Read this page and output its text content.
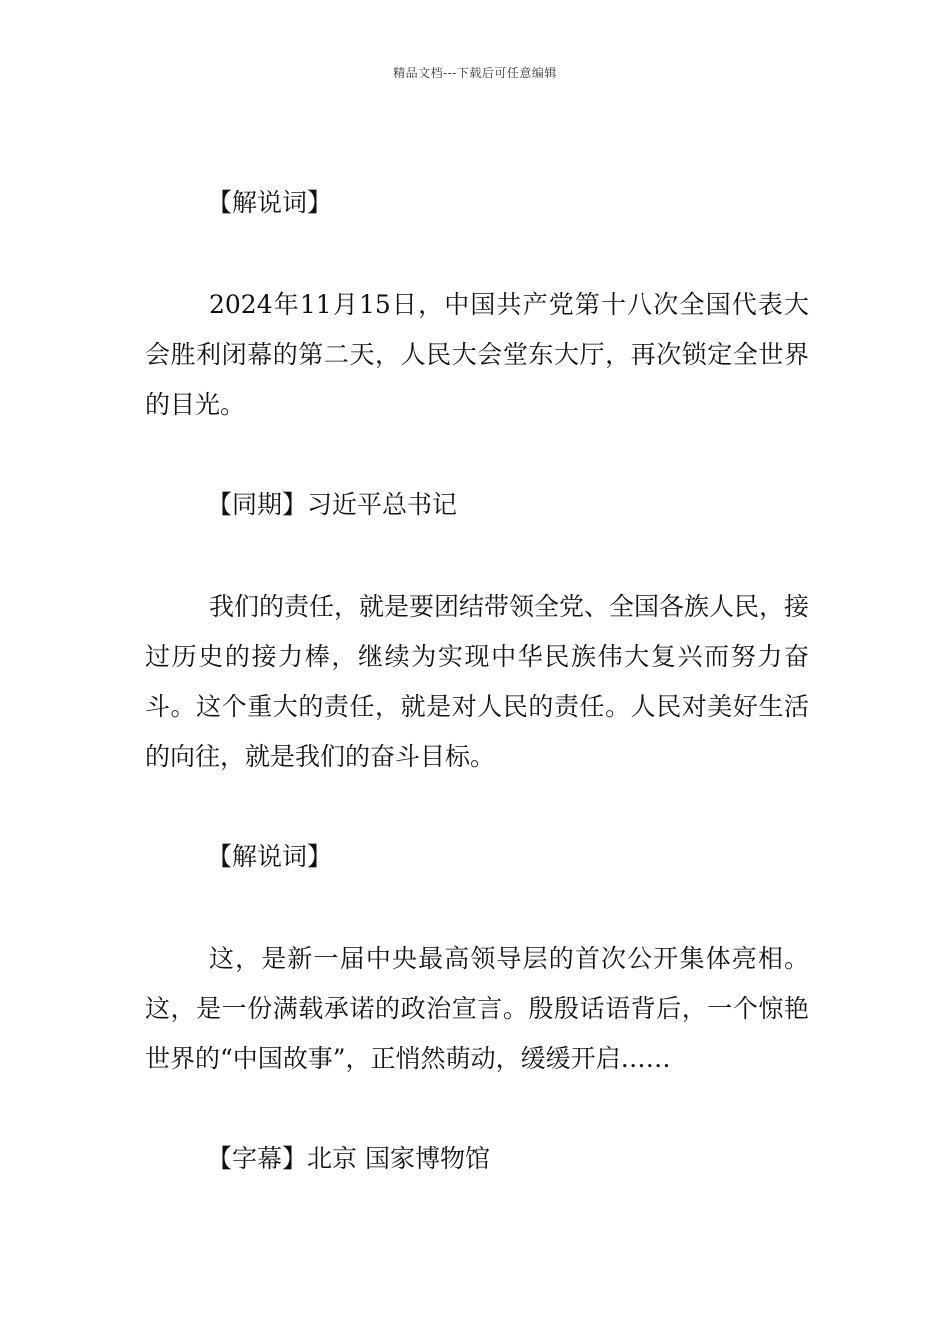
精品文档---下载后可任意编辑
【解说词】
2024年11月15日，中国共产党第十八次全国代表大会胜利闭幕的第二天，人民大会堂东大厅，再次锁定全世界的目光。
【同期】习近平总书记
我们的责任，就是要团结带领全党、全国各族人民，接过历史的接力棒，继续为实现中华民族伟大复兴而努力奋斗。这个重大的责任，就是对人民的责任。人民对美好生活的向往，就是我们的奋斗目标。
【解说词】
这，是新一届中央最高领导层的首次公开集体亮相。这，是一份满载承诺的政治宣言。殷殷话语背后，一个惊艳世界的“中国故事”，正悄然萌动，缓缓开启……
【字幕】北京 国家博物馆
